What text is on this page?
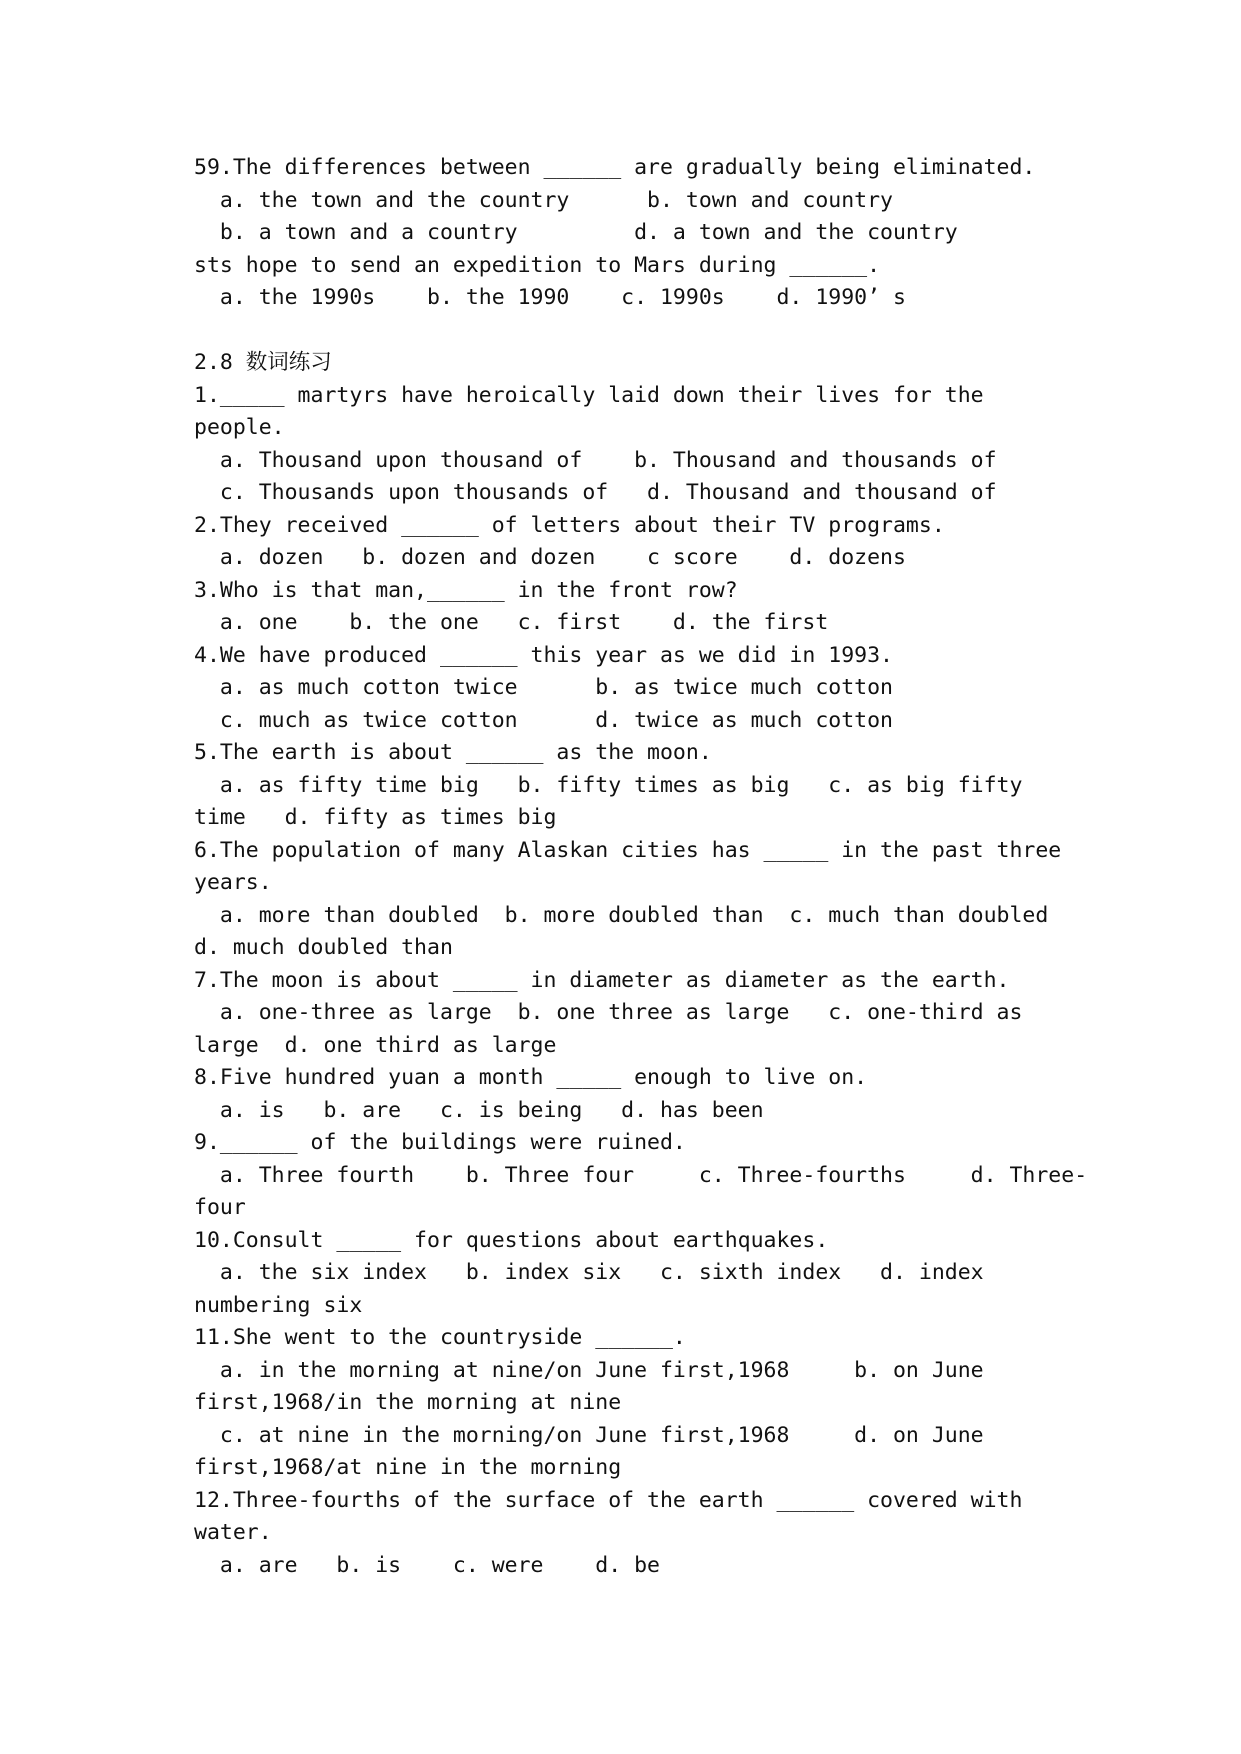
59.The differences between ______ are gradually being eliminated.
a. the town and the country      b. town and country
b. a town and a country         d. a town and the country
sts hope to send an expedition to Mars during ______.
a. the 1990s    b. the 1990    c. 1990s    d. 1990’ s
2.8 数词练习
1._____ martyrs have heroically laid down their lives for the
people.
a. Thousand upon thousand of    b. Thousand and thousands of
c. Thousands upon thousands of   d. Thousand and thousand of
2.They received ______ of letters about their TV programs.
a. dozen   b. dozen and dozen    c score    d. dozens
3.Who is that man,______ in the front row?
a. one    b. the one   c. first    d. the first
4.We have produced ______ this year as we did in 1993.
a. as much cotton twice      b. as twice much cotton
c. much as twice cotton      d. twice as much cotton
5.The earth is about ______ as the moon.
a. as fifty time big   b. fifty times as big   c. as big fifty
time   d. fifty as times big
6.The population of many Alaskan cities has _____ in the past three
years.
a. more than doubled  b. more doubled than  c. much than doubled
d. much doubled than
7.The moon is about _____ in diameter as diameter as the earth.
a. one-three as large  b. one three as large   c. one-third as
large  d. one third as large
8.Five hundred yuan a month _____ enough to live on.
a. is   b. are   c. is being   d. has been
9.______ of the buildings were ruined.
a. Three fourth    b. Three four     c. Three-fourths     d. Three-
four
10.Consult _____ for questions about earthquakes.
a. the six index   b. index six   c. sixth index   d. index
numbering six
11.She went to the countryside ______.
a. in the morning at nine/on June first,1968     b. on June
first,1968/in the morning at nine
c. at nine in the morning/on June first,1968     d. on June
first,1968/at nine in the morning
12.Three-fourths of the surface of the earth ______ covered with
water.
a. are   b. is    c. were    d. be
